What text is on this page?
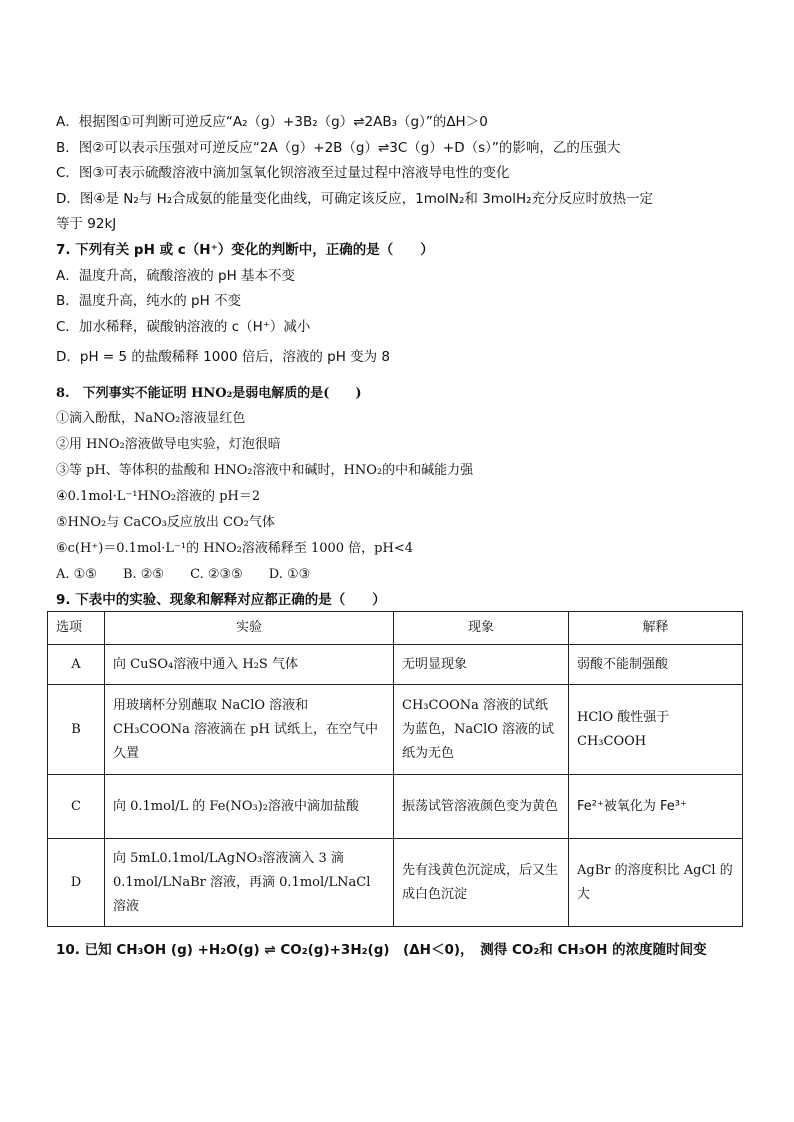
A．根据图①可判断可逆反应“A₂（g）+3B₂（g）⇌2AB₃（g）”的ΔH＞0
B．图②可以表示压强对可逆反应“2A（g）+2B（g）⇌3C（g）+D（s）”的影响，乙的压强大
C．图③可表示硫酸溶液中滴加氢氧化钡溶液至过量过程中溶液导电性的变化
D．图④是 N₂与 H₂合成氨的能量变化曲线，可确定该反应，1molN₂和 3molH₂充分反应时放热一定
等于 92kJ
7. 下列有关 pH 或 c（H⁺）变化的判断中，正确的是（　　）
A．温度升高，硫酸溶液的 pH 基本不变
B．温度升高，纯水的 pH 不变
C．加水稀释，碳酸钠溶液的 c（H⁺）减小
D．pH = 5 的盐酸稀释 1000 倍后，溶液的 pH 变为 8
8.　下列事实不能证明 HNO₂是弱电解质的是(　　)
①滴入酚酞，NaNO₂溶液显红色
②用 HNO₂溶液做导电实验，灯泡很暗
③等 pH、等体积的盐酸和 HNO₂溶液中和碱时，HNO₂的中和碱能力强
④0.1mol·L⁻¹HNO₂溶液的 pH＝2
⑤HNO₂与 CaCO₃反应放出 CO₂气体
⑥c(H⁺)＝0.1mol·L⁻¹的 HNO₂溶液稀释至 1000 倍，pH<4
A. ①⑤　　B. ②⑤　　C. ②③⑤　　D. ①③
9. 下表中的实验、现象和解释对应都正确的是（　　）
选项	实验	现象	解释
A	向 CuSO₄溶液中通入 H₂S 气体	无明显现象	弱酸不能制强酸
B	用玻璃杯分别蘸取 NaClO 溶液和 CH₃COONa 溶液滴在 pH 试纸上，在空气中久置	CH₃COONa 溶液的试纸为蓝色，NaClO 溶液的试纸为无色	HClO 酸性强于 CH₃COOH
C	向 0.1mol/L 的 Fe(NO₃)₂溶液中滴加盐酸	振荡试管溶液颜色变为黄色	Fe²⁺被氧化为 Fe³⁺
D	向 5mL0.1mol/LAgNO₃溶液滴入 3 滴 0.1mol/LNaBr 溶液，再滴 0.1mol/LNaCl 溶液	先有浅黄色沉淀成，后又生成白色沉淀	AgBr 的溶度积比 AgCl 的大
10. 已知 CH₃OH (g) +H₂O(g) ⇌ CO₂(g)+3H₂(g)　(ΔH＜0)，　测得 CO₂和 CH₃OH 的浓度随时间变
